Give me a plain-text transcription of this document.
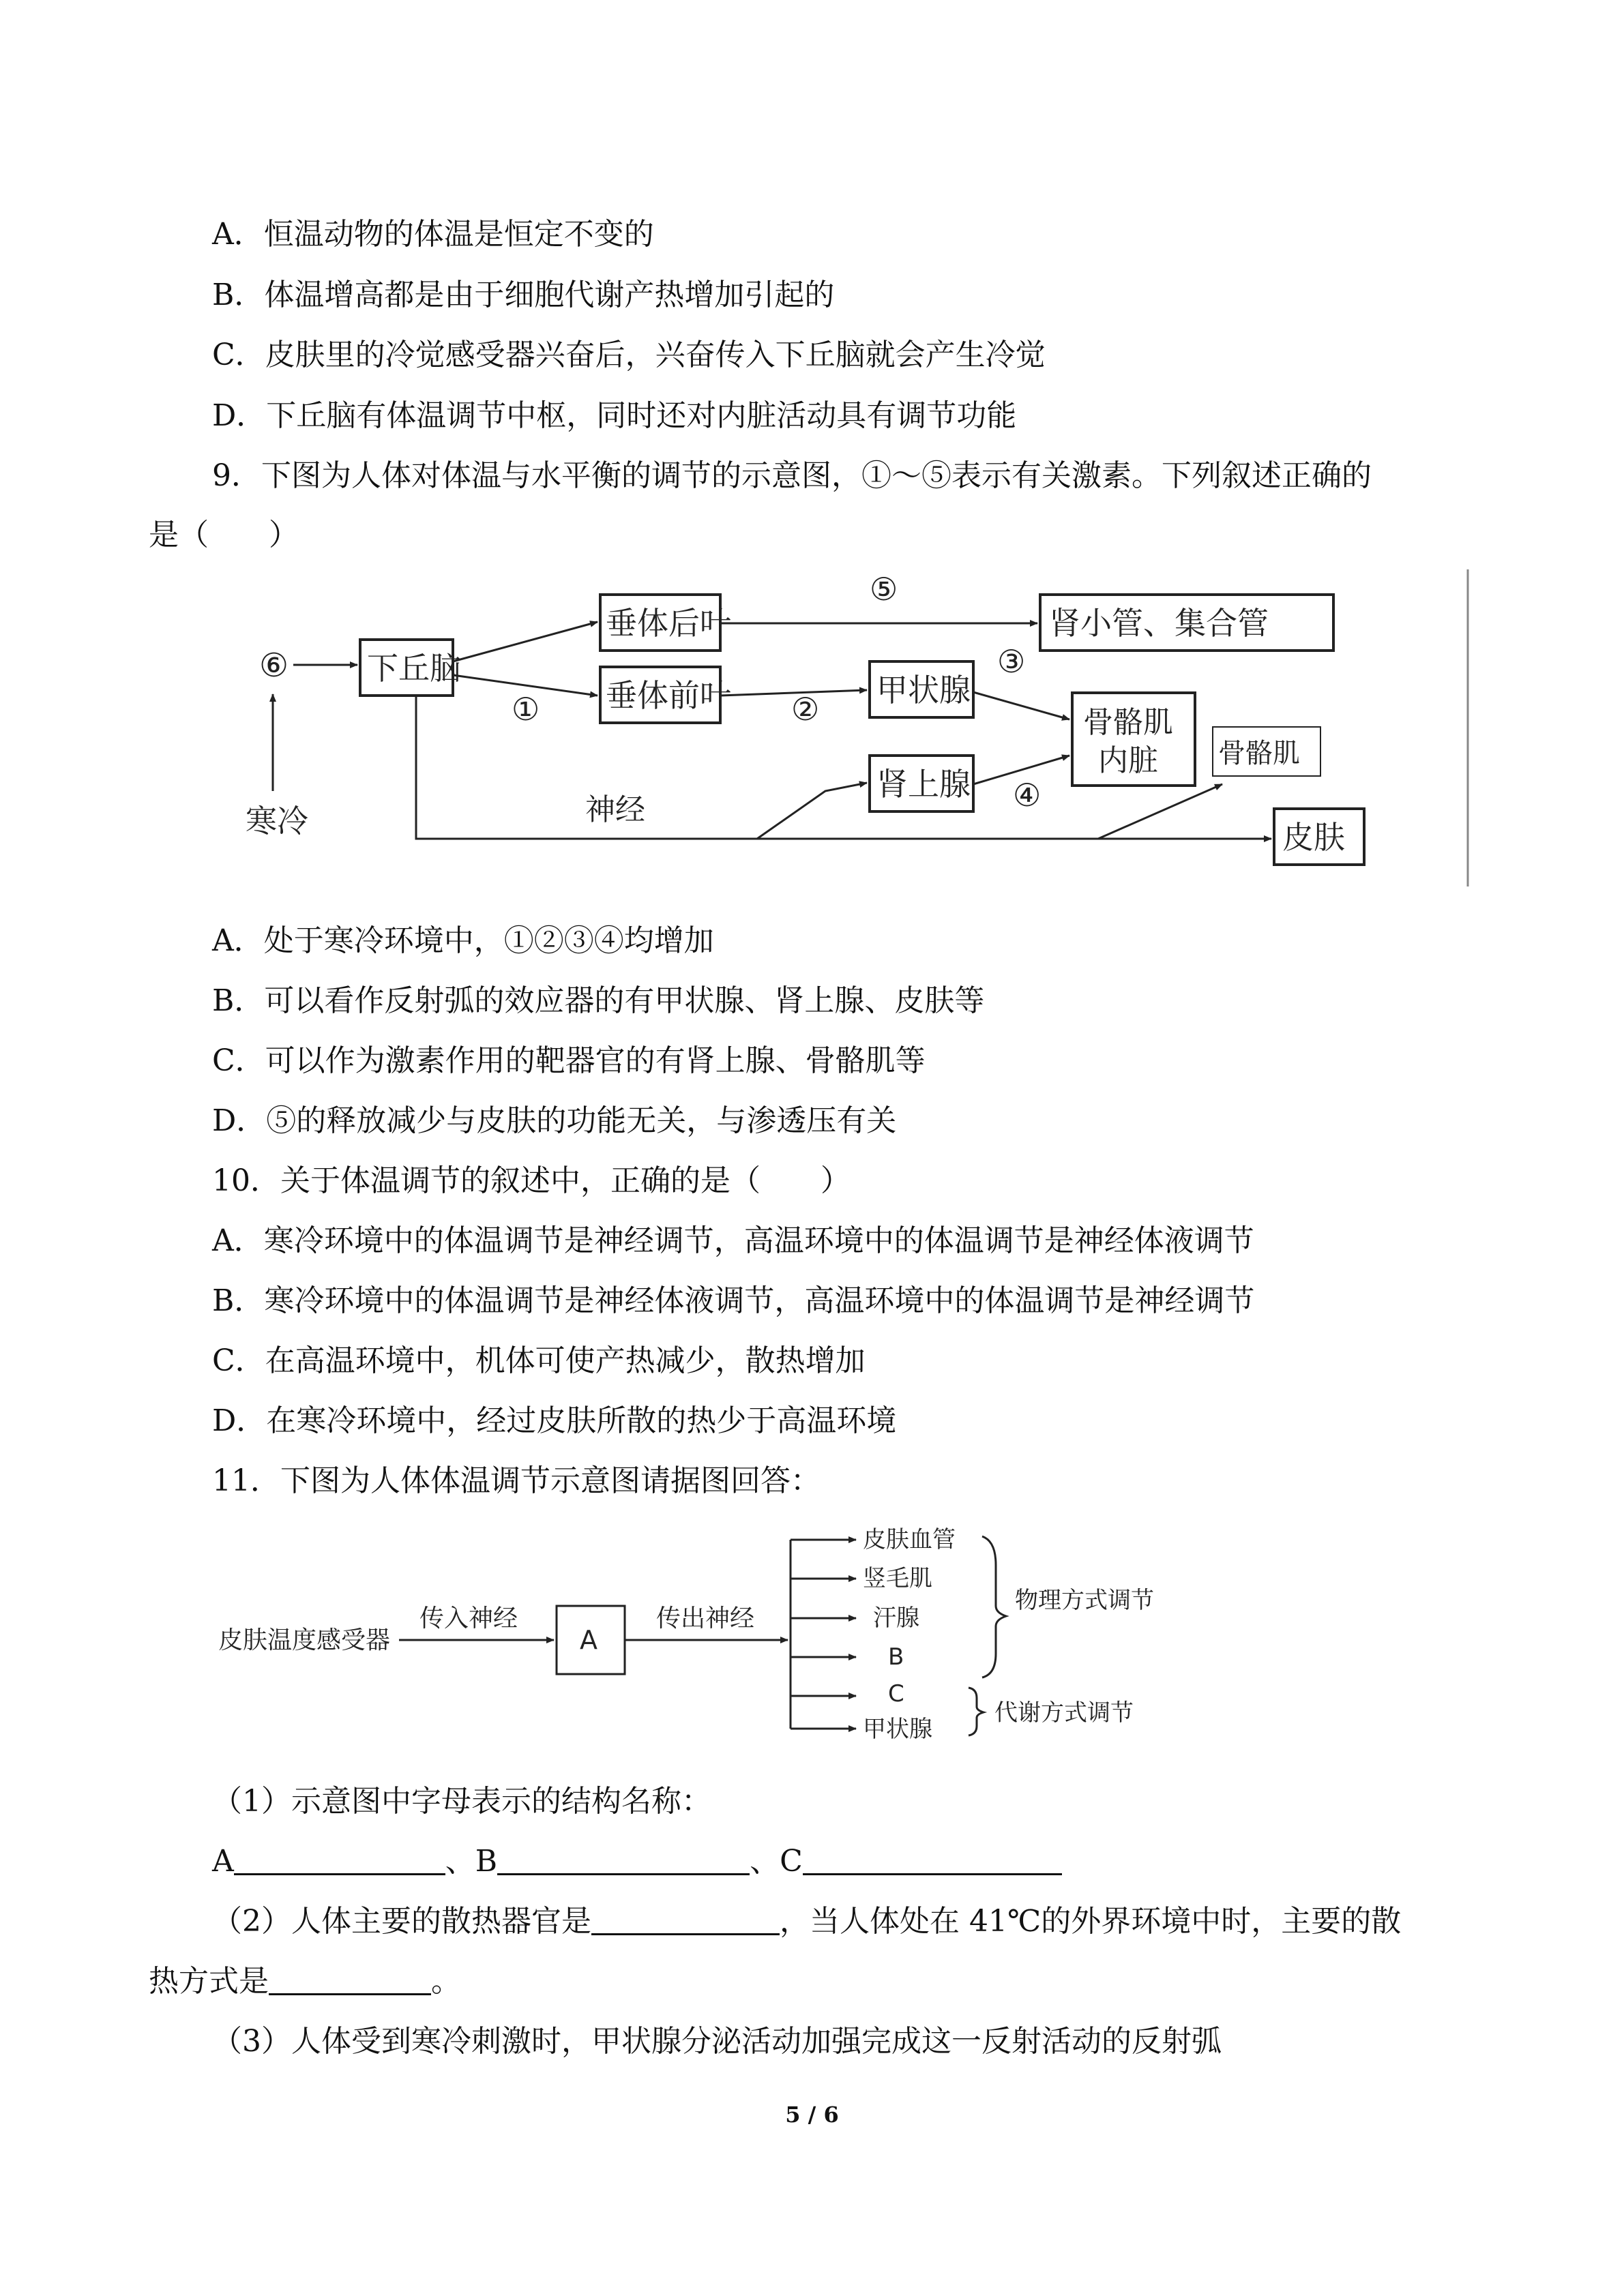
A．恒温动物的体温是恒定不变的
B．体温增高都是由于细胞代谢产热增加引起的
C．皮肤里的冷觉感受器兴奋后，兴奋传入下丘脑就会产生冷觉
D．下丘脑有体温调节中枢，同时还对内脏活动具有调节功能
9．下图为人体对体温与水平衡的调节的示意图，①～⑤表示有关激素。下列叙述正确的
是（　　）
⑥
寒冷
下丘脑
垂体后叶
垂体前叶	甲状腺
肾上腺
肾小管、集合管
骨骼肌
内脏 骨骼肌
皮肤
神经
①	②
③
④
⑤
A．处于寒冷环境中，①②③④均增加
B．可以看作反射弧的效应器的有甲状腺、肾上腺、皮肤等
C．可以作为激素作用的靶器官的有肾上腺、骨骼肌等
D．⑤的释放减少与皮肤的功能无关，与渗透压有关
10．关于体温调节的叙述中，正确的是（　　）
A．寒冷环境中的体温调节是神经调节，高温环境中的体温调节是神经体液调节
B．寒冷环境中的体温调节是神经体液调节，高温环境中的体温调节是神经调节
C．在高温环境中，机体可使产热减少，散热增加
D．在寒冷环境中，经过皮肤所散的热少于高温环境
11．下图为人体体温调节示意图请据图回答：
皮肤温度感受器
传入神经
A
传出神经
皮肤血管
竖毛肌
汗腺
B
C
甲状腺
物理方式调节
代谢方式调节
（1）示意图中字母表示的结构名称：
A	、B	、C
（2）人体主要的散热器官是	，当人体处在 41℃的外界环境中时，主要的散
热方式是	。
（3）人体受到寒冷刺激时，甲状腺分泌活动加强完成这一反射活动的反射弧
5 / 6
